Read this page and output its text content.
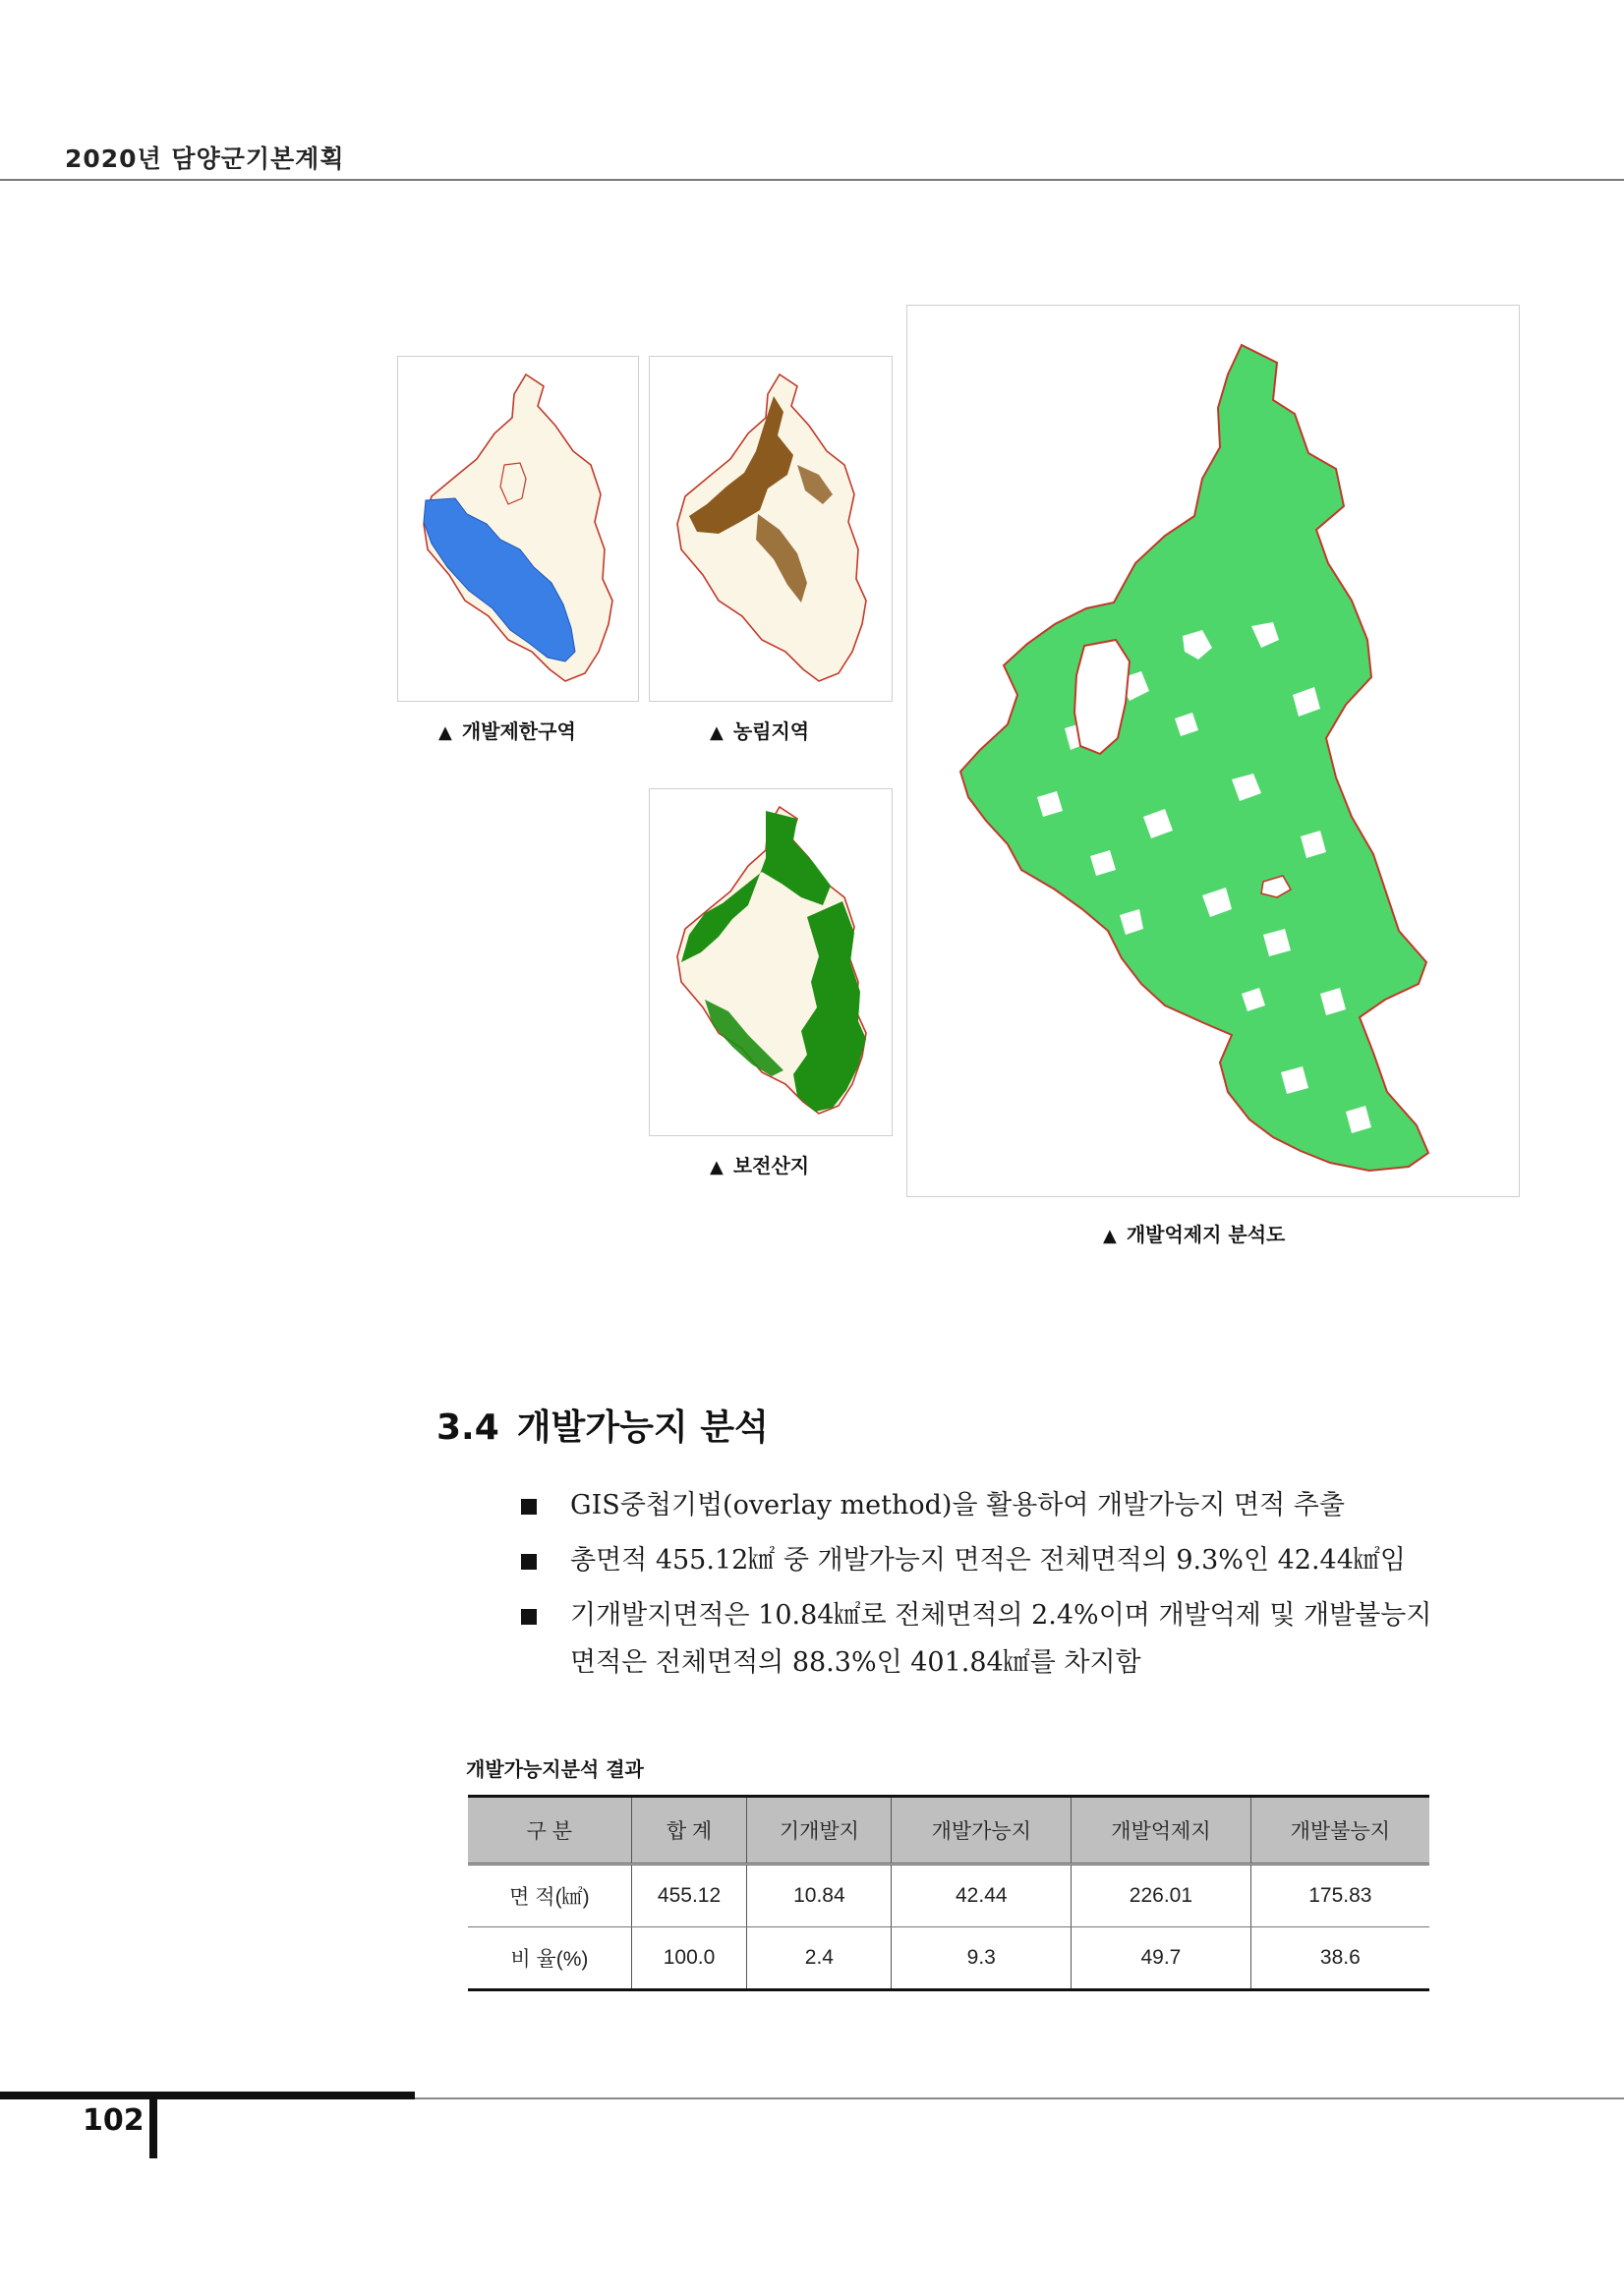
2020년 담양군기본계획
▲ 개발제한구역	▲ 농림지역
▲ 보전산지
▲ 개발억제지 분석도
3.4 개발가능지 분석
GIS중첩기법(overlay method)을 활용하여 개발가능지 면적 추출
총면적 455.12㎢ 중 개발가능지 면적은 전체면적의 9.3%인 42.44㎢임
기개발지면적은 10.84㎢로 전체면적의 2.4%이며 개발억제 및 개발불능지 면적은 전체면적의 88.3%인 401.84㎢를 차지함
개발가능지분석 결과
구 분	합 계	기개발지	개발가능지	개발억제지	개발불능지
면 적(㎢)	455.12	10.84	42.44	226.01	175.83
비 율(%)	100.0	2.4	9.3	49.7	38.6
102
